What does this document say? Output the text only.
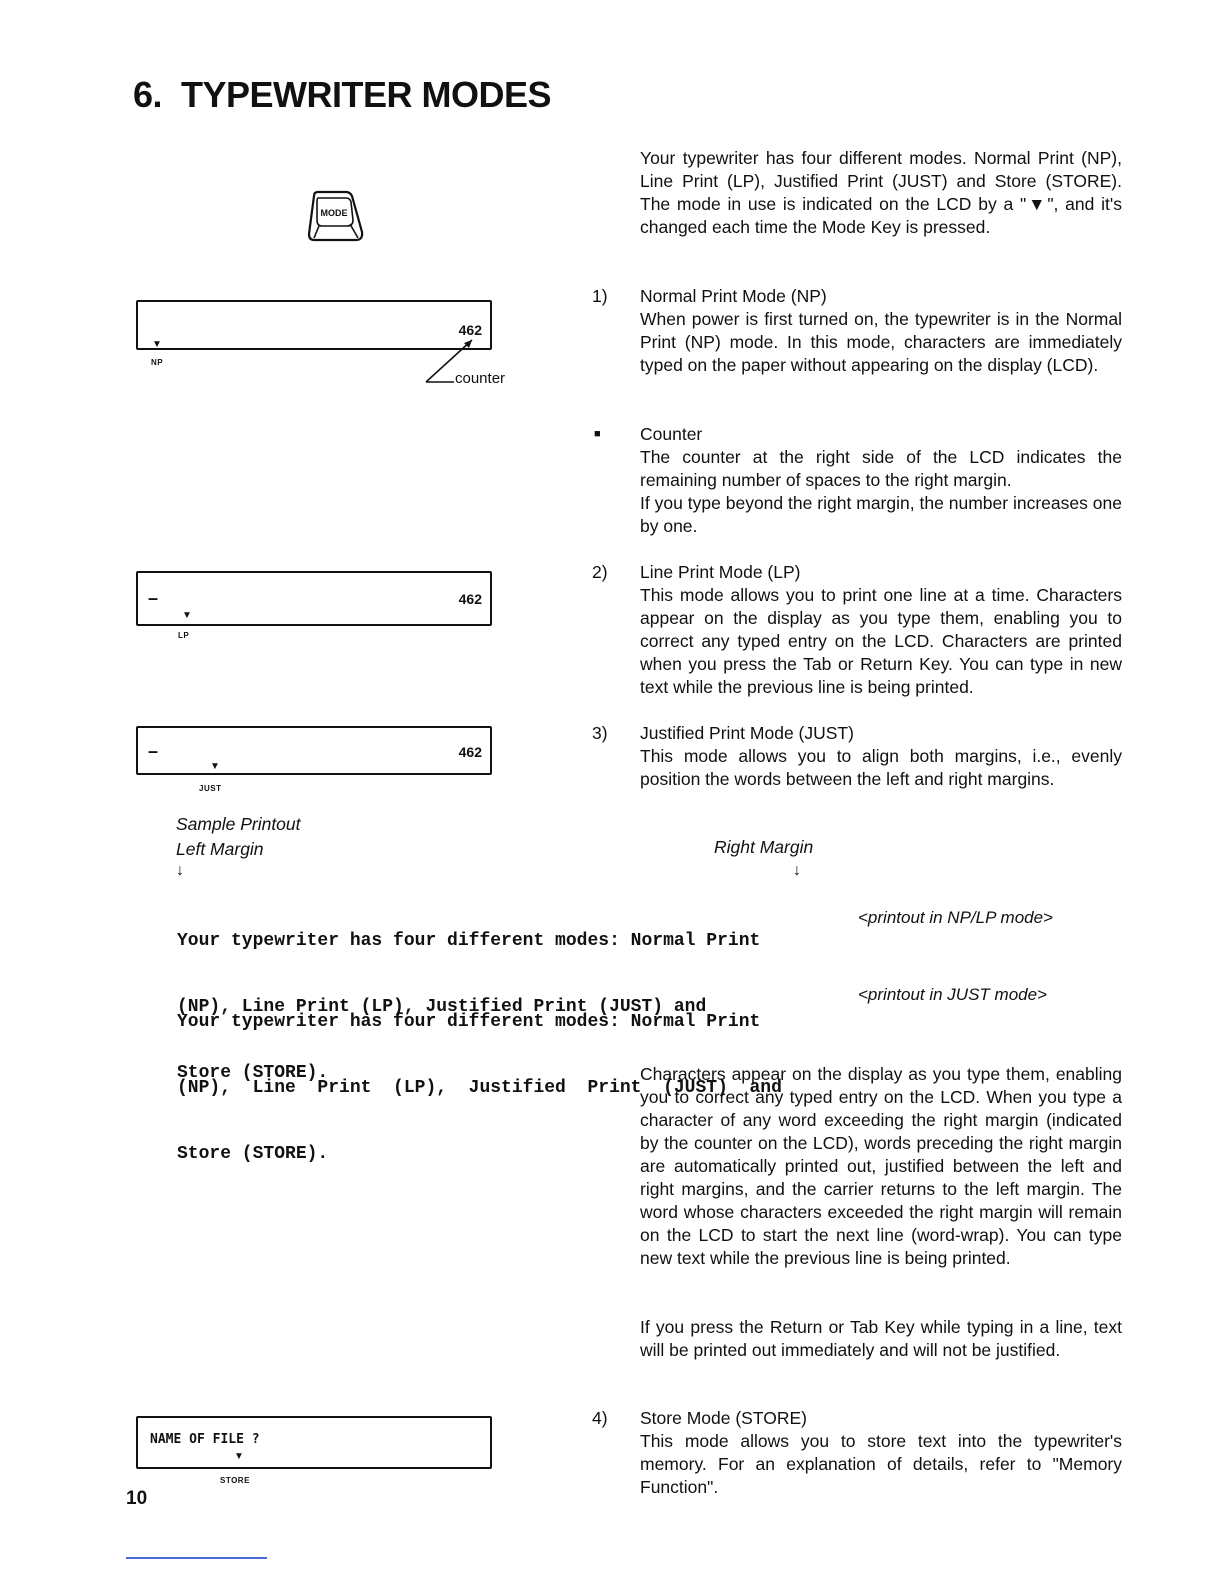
6.  TYPEWRITER MODES
MODE
Your typewriter has four different modes. Normal Print (NP), Line Print (LP), Justified Print (JUST) and Store (STORE). The mode in use is indicated on the LCD by a "▼", and it's changed each time the Mode Key is pressed.
462
▼
NP
counter
1) Normal Print Mode (NP)

When power is first turned on, the typewriter is in the Normal Print (NP) mode. In this mode, characters are immediately typed on the paper without appearing on the display (LCD).

■ Counter

The counter at the right side of the LCD indicates the remaining number of spaces to the right margin.

If you type beyond the right margin, the number increases one by one.

–	462
▼
LP
2) Line Print Mode (LP)

This mode allows you to print one line at a time. Characters appear on the display as you type them, enabling you to correct any typed entry on the LCD. Characters are printed when you press the Tab or Return Key. You can type in new text while the previous line is being printed.

–	462
▼
JUST
3) Justified Print Mode (JUST)

This mode allows you to align both margins, i.e., evenly position the words between the left and right margins.

Sample Printout
Left Margin	Right Margin
↓	↓

Your typewriter has four different modes: Normal Print

(NP), Line Print (LP), Justified Print (JUST) and

Store (STORE).

<printout in NP/LP mode>

Your typewriter has four different modes: Normal Print

(NP),  Line  Print  (LP),  Justified  Print  (JUST)  and

Store (STORE).

<printout in JUST mode>
Characters appear on the display as you type them, enabling you to correct any typed entry on the LCD. When you type a character of any word exceeding the right margin (indicated by the counter on the LCD), words preceding the right margin are automatically printed out, justified between the left and right margins, and the carrier returns to the left margin. The word whose characters exceeded the right margin will remain on the LCD to start the next line (word-wrap). You can type new text while the previous line is being printed.
If you press the Return or Tab Key while typing in a line, text will be printed out immediately and will not be justified.
NAME OF FILE ?
▼
STORE
4) Store Mode (STORE)

This mode allows you to store text into the typewriter's memory. For an explanation of details, refer to "Memory Function".

10
